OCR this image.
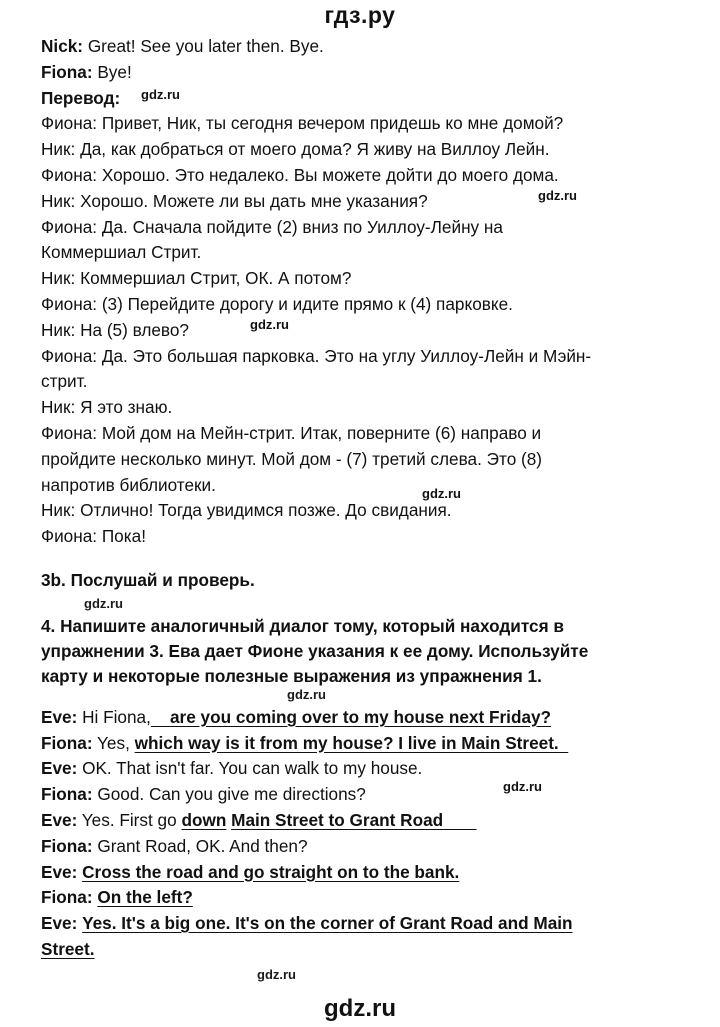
гдз.ру
Nick: Great! See you later then. Bye.
Fiona: Bye!
Перевод: gdz.ru
Фиона: Привет, Ник, ты сегодня вечером придешь ко мне домой?
Ник: Да, как добраться от моего дома? Я живу на Виллоу Лейн.
Фиона: Хорошо. Это недалеко. Вы можете дойти до моего дома.
Ник: Хорошо. Можете ли вы дать мне указания?	gdz.ru
Фиона: Да. Сначала пойдите (2) вниз по Уиллоу-Лейну на
Коммершиал Стрит.
Ник: Коммершиал Стрит, ОК. А потом?
Фиона: (3) Перейдите дорогу и идите прямо к (4) парковке.
Ник: На (5) влево?	gdz.ru
Фиона: Да. Это большая парковка. Это на углу Уиллоу-Лейн и Мэйн-
стрит.
Ник: Я это знаю.
Фиона: Мой дом на Мейн-стрит. Итак, поверните (6) направо и
пройдите несколько минут. Мой дом - (7) третий слева. Это (8)
напротив библиотеки.	gdz.ru
Ник: Отлично! Тогда увидимся позже. До свидания.
Фиона: Пока!
3b. Послушай и проверь.
gdz.ru
4. Напишите аналогичный диалог тому, который находится в
упражнении 3. Ева дает Фионе указания к ее дому. Используйте
карту и некоторые полезные выражения из упражнения 1.
gdz.ru
Eve: Hi Fiona,    are you coming over to my house next Friday?
Fiona: Yes, which way is it from my house? I live in Main Street.
Eve: OK. That isn't far. You can walk to my house.
Fiona: Good. Can you give me directions?	gdz.ru
Eve: Yes. First go down Main Street to Grant Road
Fiona: Grant Road, OK. And then?
Eve: Cross the road and go straight on to the bank.
Fiona: On the left?
Eve: Yes. It's a big one. It's on the corner of Grant Road and Main
Street.
gdz.ru
gdz.ru
